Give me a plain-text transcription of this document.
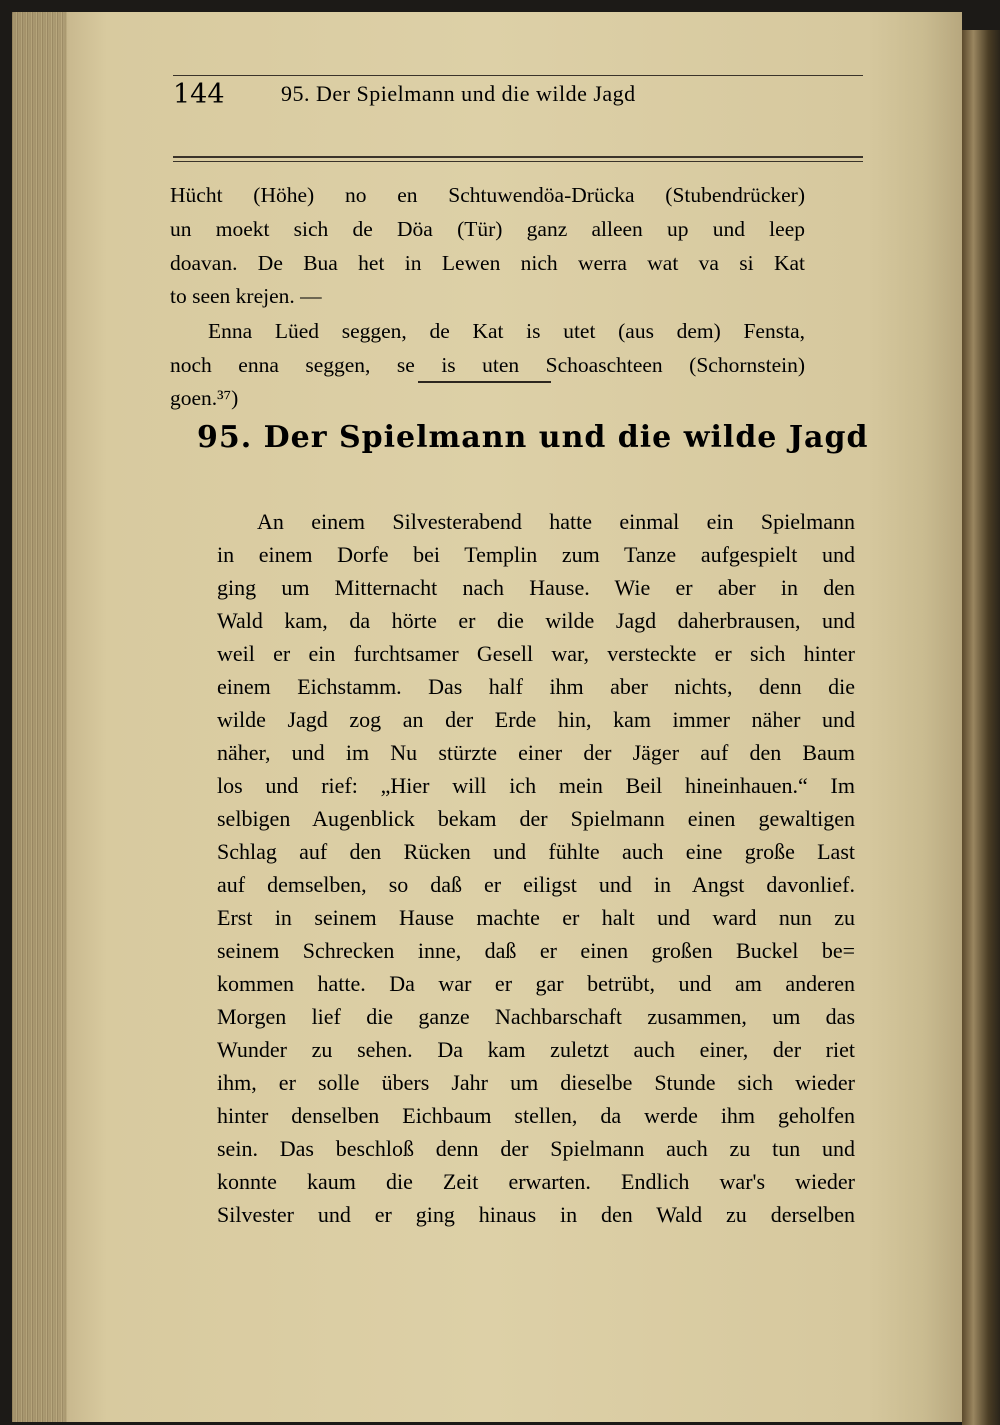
144	95. Der Spielmann und die wilde Jagd
Hücht (Höhe) no en Schtuwendöa-Drücka (Stubendrücker)
un moekt sich de Döa (Tür) ganz alleen up und leep
doavan. De Bua het in Lewen nich werra wat va si Kat
to seen krejen. —
Enna Lüed seggen, de Kat is utet (aus dem) Fensta,
noch enna seggen, se is uten Schoaschteen (Schornstein)
goen.³⁷)
95. Der Spielmann und die wilde Jagd
An einem Silvesterabend hatte einmal ein Spielmann
in einem Dorfe bei Templin zum Tanze aufgespielt und
ging um Mitternacht nach Hause. Wie er aber in den
Wald kam, da hörte er die wilde Jagd daherbrausen, und
weil er ein furchtsamer Gesell war, versteckte er sich hinter
einem Eichstamm. Das half ihm aber nichts, denn die
wilde Jagd zog an der Erde hin, kam immer näher und
näher, und im Nu stürzte einer der Jäger auf den Baum
los und rief: „Hier will ich mein Beil hineinhauen.“ Im
selbigen Augenblick bekam der Spielmann einen gewaltigen
Schlag auf den Rücken und fühlte auch eine große Last
auf demselben, so daß er eiligst und in Angst davonlief.
Erst in seinem Hause machte er halt und ward nun zu
seinem Schrecken inne, daß er einen großen Buckel be=
kommen hatte. Da war er gar betrübt, und am anderen
Morgen lief die ganze Nachbarschaft zusammen, um das
Wunder zu sehen. Da kam zuletzt auch einer, der riet
ihm, er solle übers Jahr um dieselbe Stunde sich wieder
hinter denselben Eichbaum stellen, da werde ihm geholfen
sein. Das beschloß denn der Spielmann auch zu tun und
konnte kaum die Zeit erwarten. Endlich war's wieder
Silvester und er ging hinaus in den Wald zu derselben
